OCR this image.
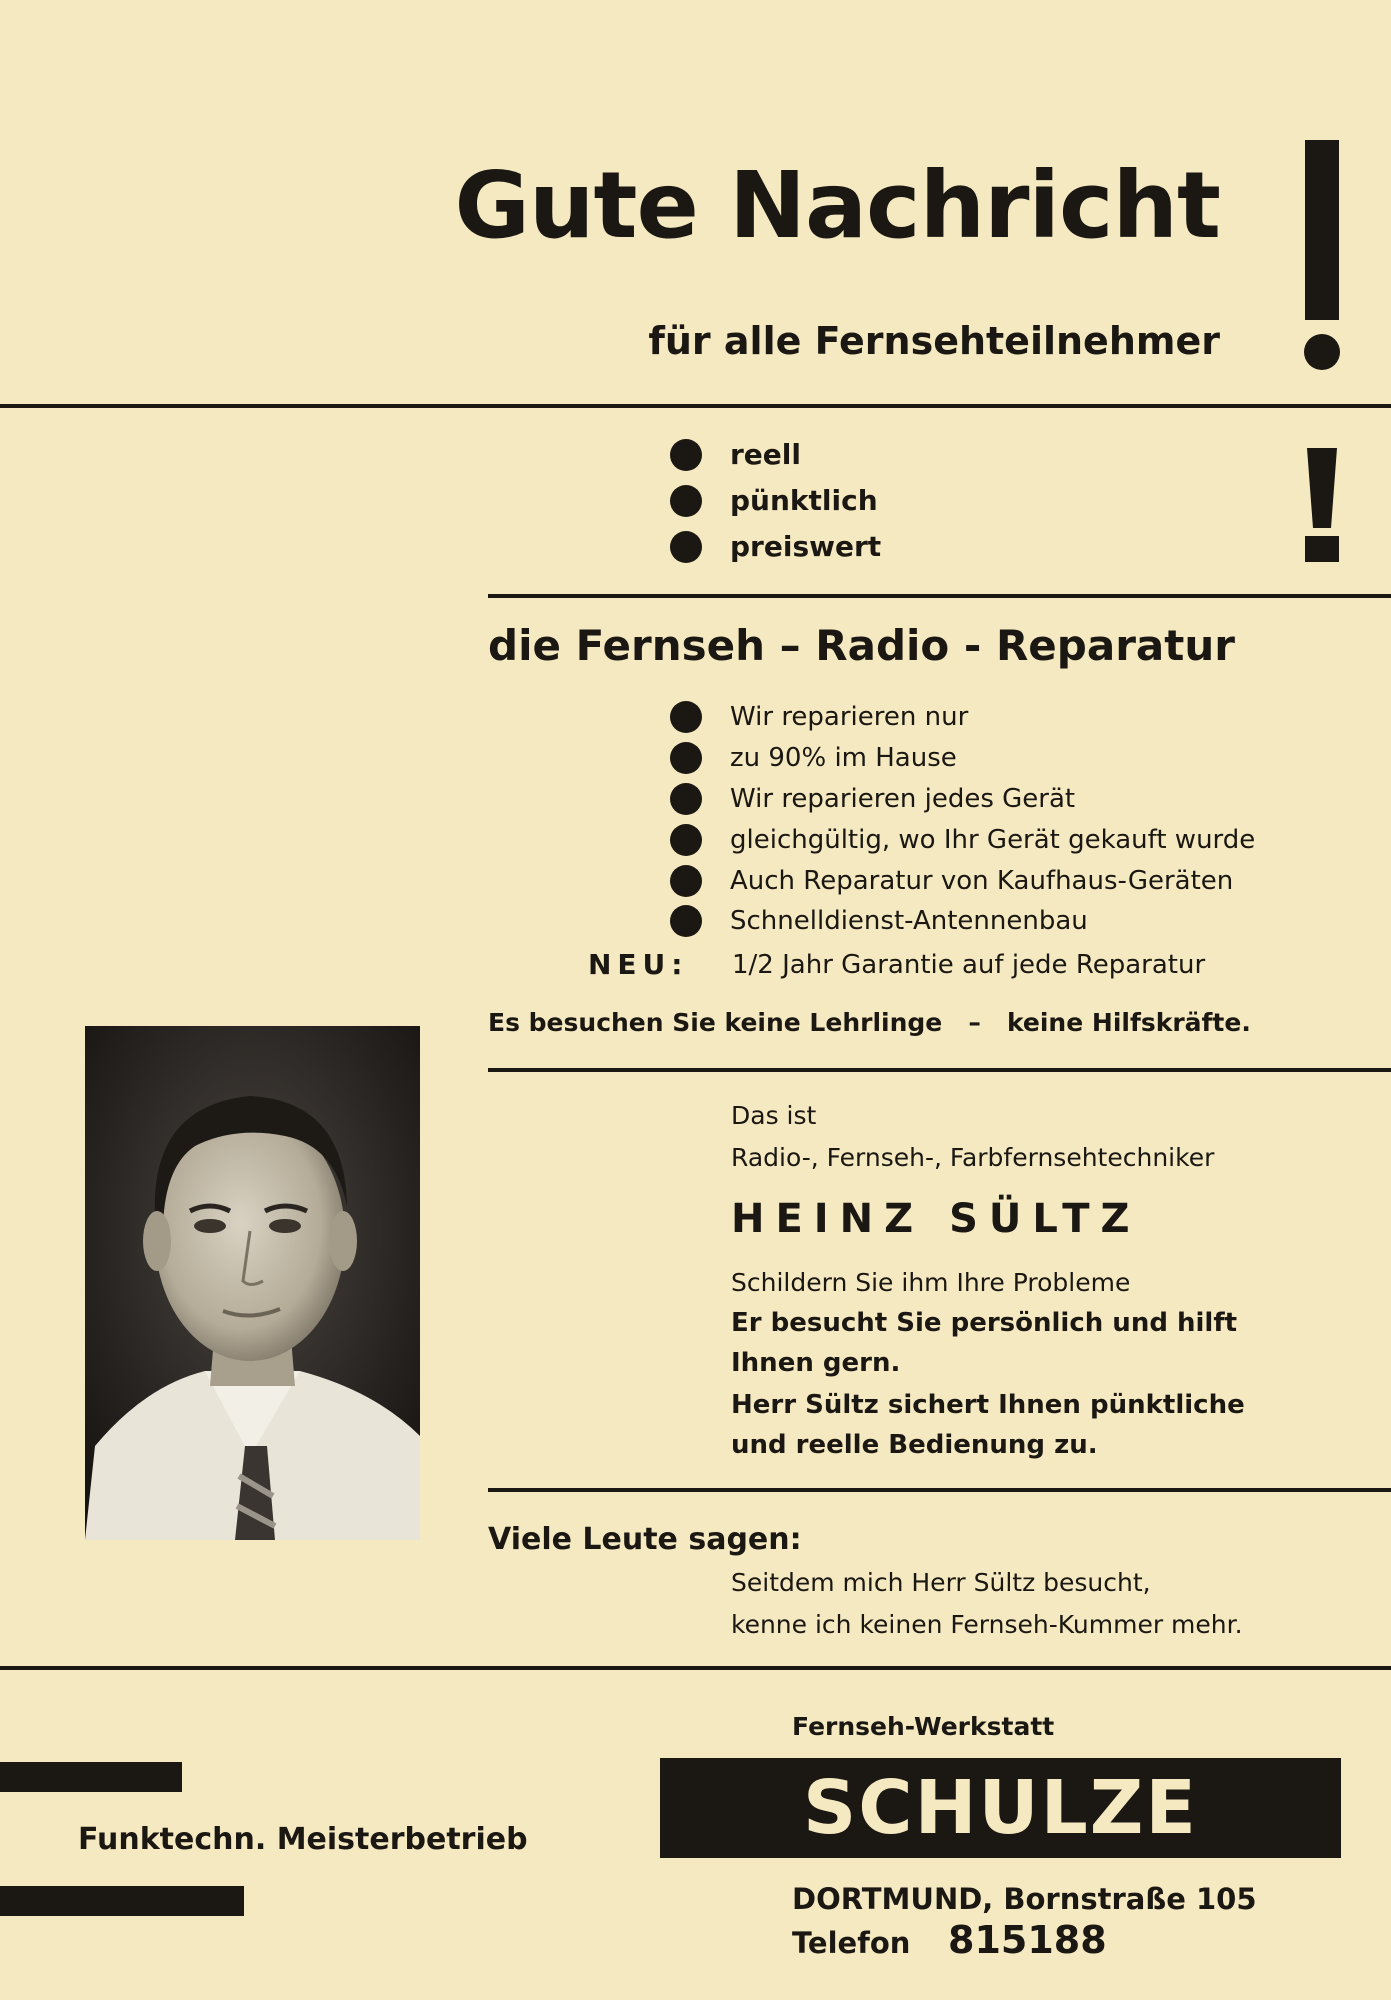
Gute Nachricht
für alle Fernsehteilnehmer
reell
pünktlich
preiswert
die Fernseh – Radio - Reparatur
Wir reparieren nur
zu 90% im Hause
Wir reparieren jedes Gerät
gleichgültig, wo Ihr Gerät gekauft wurde
Auch Reparatur von Kaufhaus-Geräten
Schnelldienst-Antennenbau
NEU: 1/2 Jahr Garantie auf jede Reparatur
Es besuchen Sie keine Lehrlinge   –   keine Hilfskräfte.
Das ist
Radio-, Fernseh-, Farbfernsehtechniker
HEINZ SÜLTZ
Schildern Sie ihm Ihre Probleme
Er besucht Sie persönlich und hilft
Ihnen gern.
Herr Sültz sichert Ihnen pünktliche
und reelle Bedienung zu.
Viele Leute sagen:
Seitdem mich Herr Sültz besucht,
kenne ich keinen Fernseh-Kummer mehr.
Fernseh-Werkstatt
SCHULZE
Funktechn. Meisterbetrieb
DORTMUND, Bornstraße 105
Telefon 815188
